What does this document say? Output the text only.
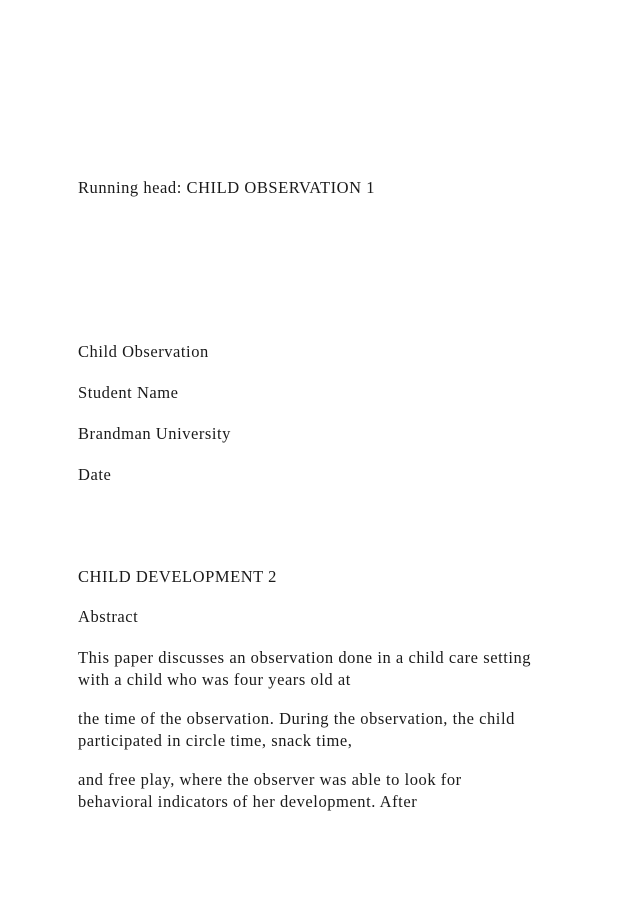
Running head: CHILD OBSERVATION 1

Child Observation

Student Name

Brandman University

Date

CHILD DEVELOPMENT 2

Abstract

This paper discusses an observation done in a child care setting
with a child who was four years old at
the time of the observation. During the observation, the child
participated in circle time, snack time,
and free play, where the observer was able to look for
behavioral indicators of her development. After
